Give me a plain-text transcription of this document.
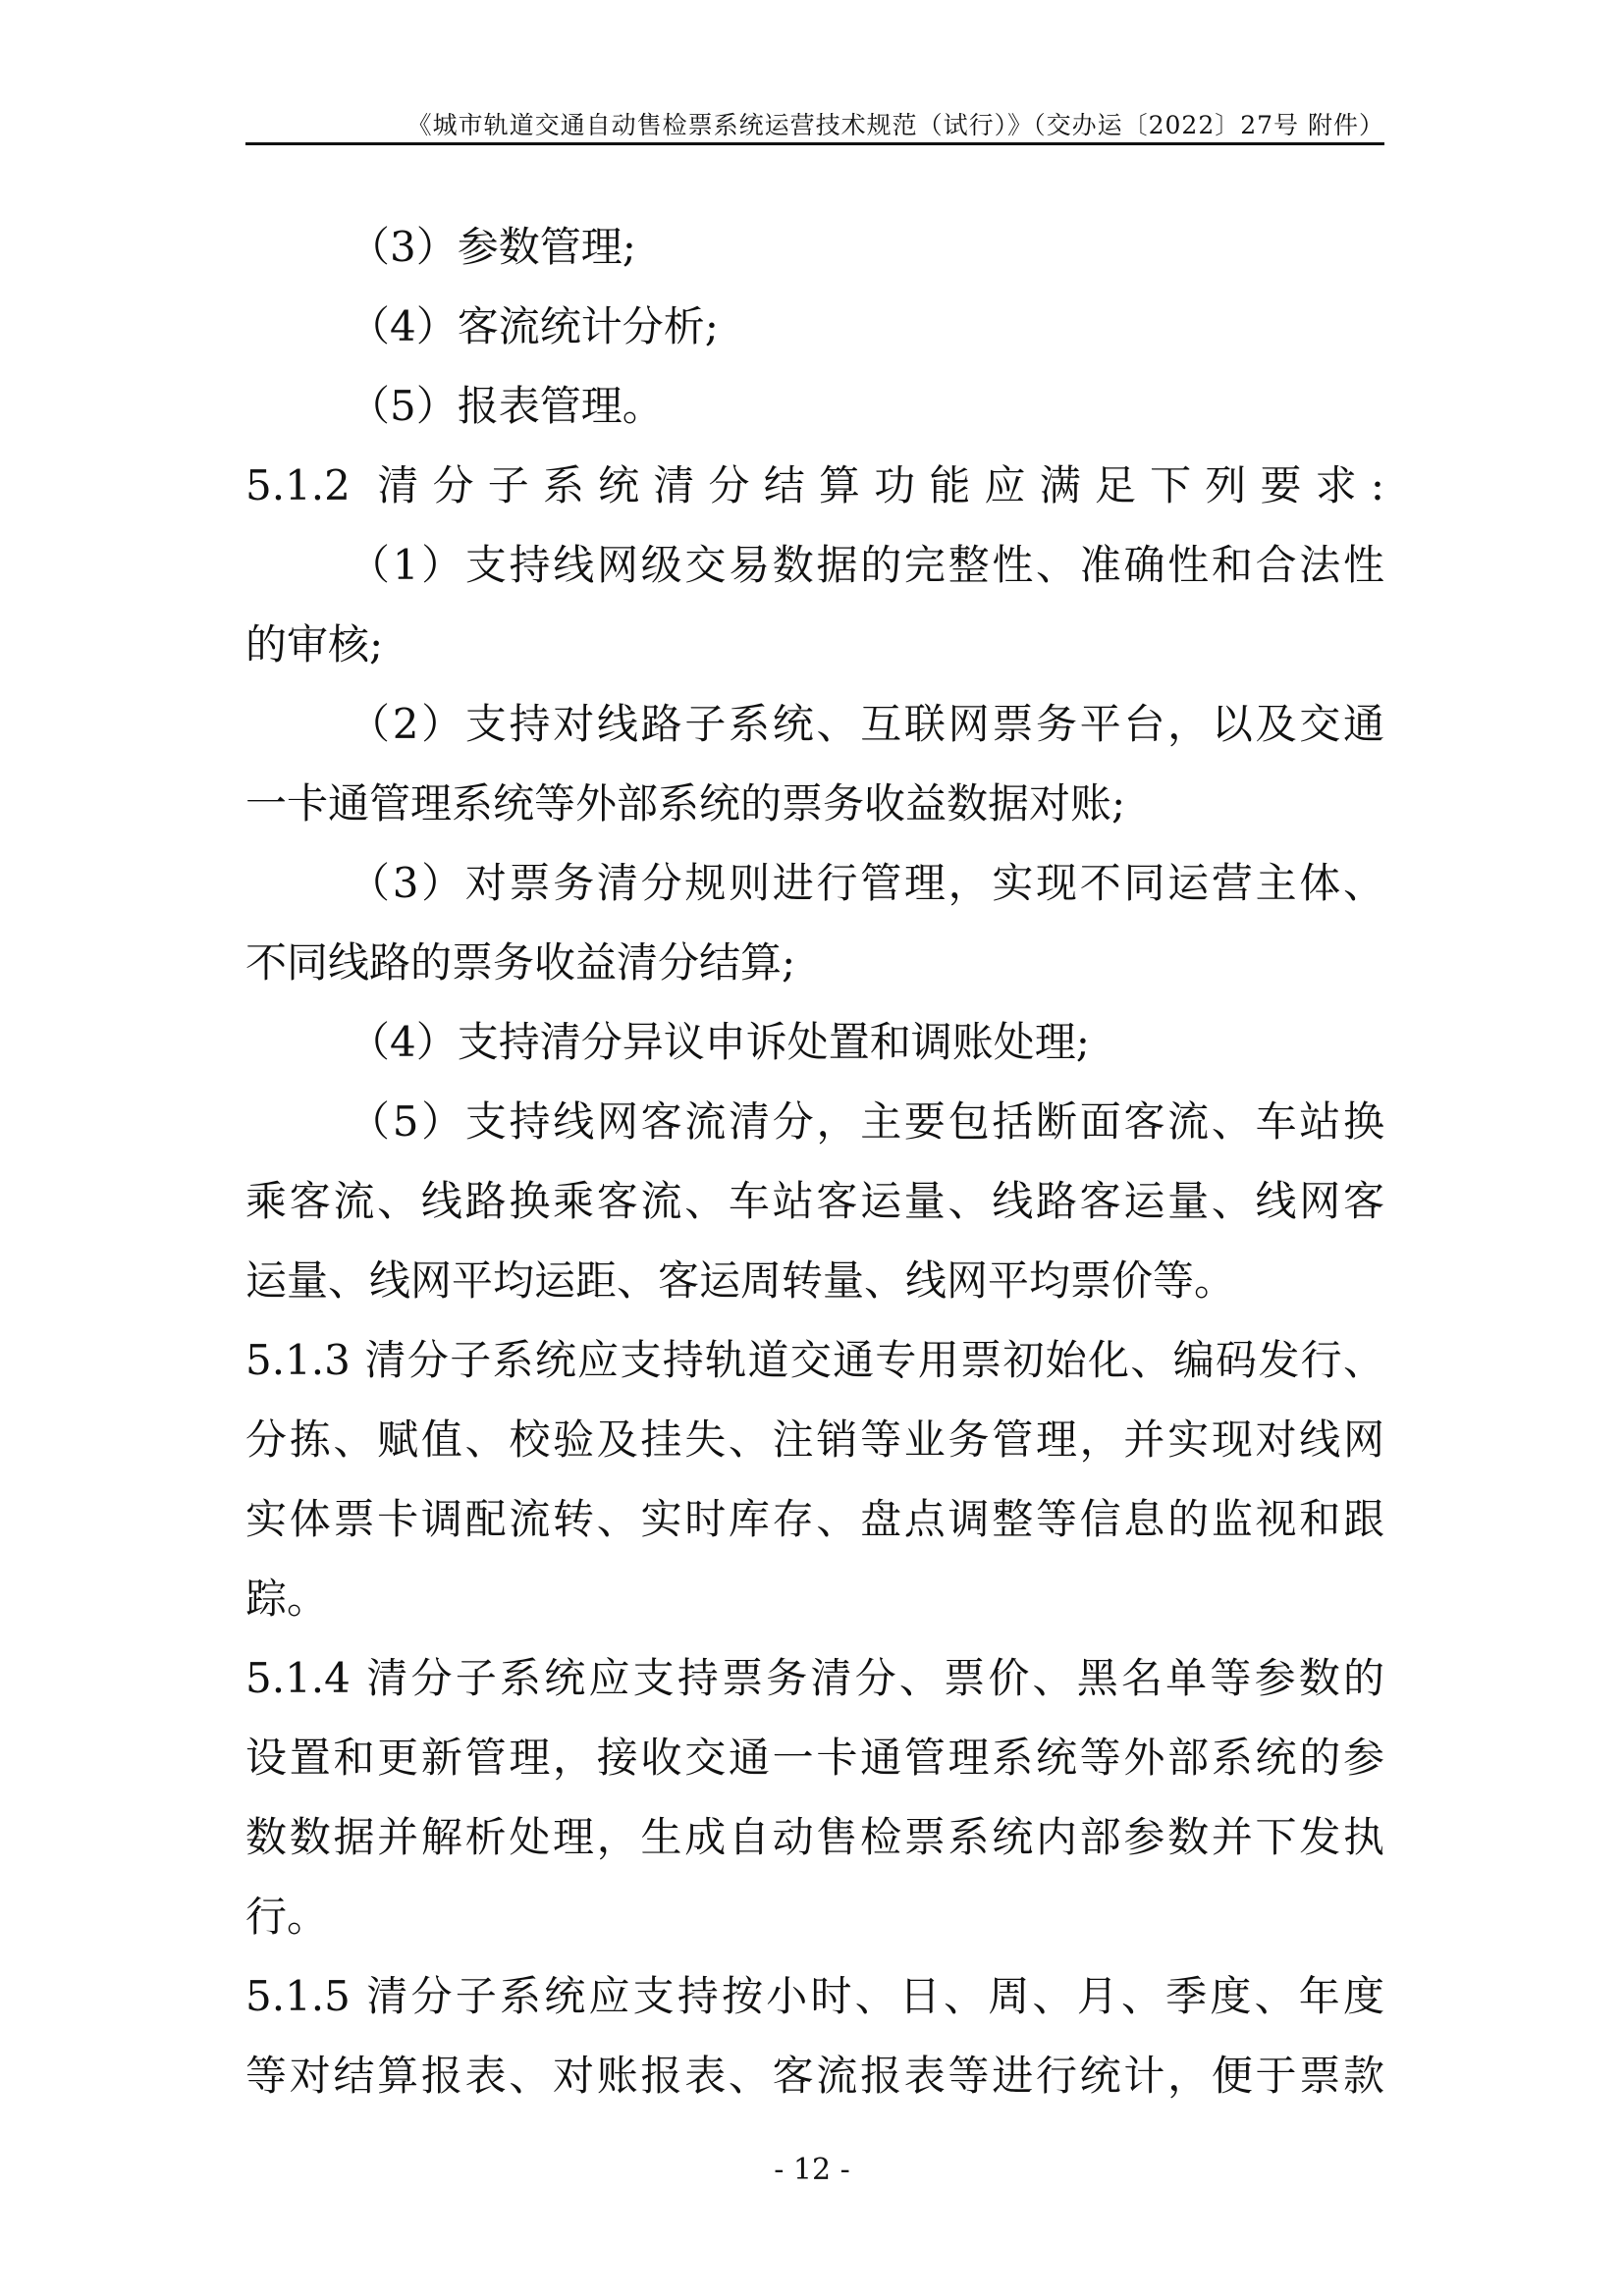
《城市轨道交通自动售检票系统运营技术规范（试行）》（交办运〔2022〕27号 附件）
（3）参数管理;
（4）客流统计分析;
（5）报表管理。
5.1.2 清分子系统清分结算功能应满足下列要求:
（1）支持线网级交易数据的完整性、准确性和合法性
的审核;
（2）支持对线路子系统、互联网票务平台，以及交通
一卡通管理系统等外部系统的票务收益数据对账;
（3）对票务清分规则进行管理，实现不同运营主体、
不同线路的票务收益清分结算;
（4）支持清分异议申诉处置和调账处理;
（5）支持线网客流清分，主要包括断面客流、车站换
乘客流、线路换乘客流、车站客运量、线路客运量、线网客
运量、线网平均运距、客运周转量、线网平均票价等。
5.1.3 清分子系统应支持轨道交通专用票初始化、编码发行、
分拣、赋值、校验及挂失、注销等业务管理，并实现对线网
实体票卡调配流转、实时库存、盘点调整等信息的监视和跟
踪。
5.1.4 清分子系统应支持票务清分、票价、黑名单等参数的
设置和更新管理，接收交通一卡通管理系统等外部系统的参
数数据并解析处理，生成自动售检票系统内部参数并下发执
行。
5.1.5 清分子系统应支持按小时、日、周、月、季度、年度
等对结算报表、对账报表、客流报表等进行统计，便于票款
- 12 -
